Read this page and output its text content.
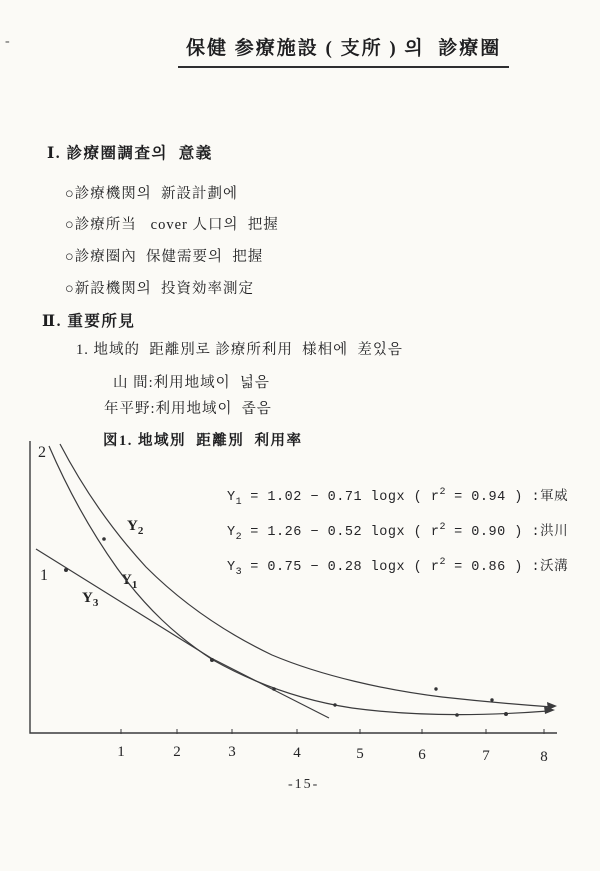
-	保健 参療施設 ( 支所 ) 의  診療圈
Ⅰ. 診療圈調査의  意義
○診療機関의  新設計劃에
○診療所当   cover 人口의  把握
○診療圈內  保健需要의  把握
○新設機関의  投資効率測定
Ⅱ. 重要所見
1. 地域的  距離別로 診療所利用  様相에  差있음
山 間:利用地域이  넓음
年平野:利用地域이  좁음
図1. 地域別  距離別  利用率
$Y_1 = 1.02 - 0.71$ logx ( $r^2 = 0.94$ ) :軍威
$Y_2 = 1.26 - 0.52$ logx ( $r^2 = 0.90$ ) :洪川
$Y_3 = 0.75 - 0.28$ logx ( $r^2 = 0.86$ ) :沃溝
$Y_2$
$Y_1$
$Y_3$
2
1
1	2	3	4	5	6	7	8
-15-
